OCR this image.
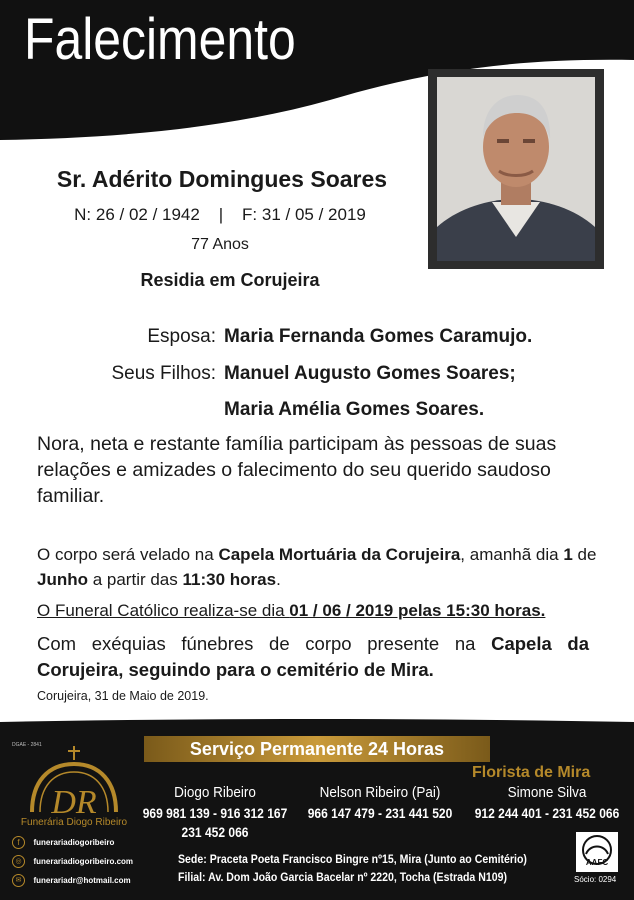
Falecimento
Sr. Adérito Domingues Soares
N: 26 / 02 / 1942    |    F: 31 / 05 / 2019
77 Anos
Residia em Corujeira
Esposa: Maria Fernanda Gomes Caramujo.
Seus Filhos: Manuel Augusto Gomes Soares;
Maria Amélia Gomes Soares.
Nora, neta e restante família participam às pessoas de suas relações e amizades o falecimento do seu querido saudoso familiar.
O corpo será velado na Capela Mortuária da Corujeira, amanhã dia 1 de Junho a partir das 11:30 horas.
O Funeral Católico realiza-se dia 01 / 06 / 2019 pelas 15:30 horas.
Com exéquias fúnebres de corpo presente na Capela da Corujeira, seguindo para o cemitério de Mira.
Corujeira, 31 de Maio de 2019.
Serviço Permanente 24 Horas
DGAE - 2841
DR
Funerária Diogo Ribeiro
f funerariadiogoribeiro
◎ funerariadiogoribeiro.com
✉ funerariadr@hotmail.com
Diogo Ribeiro
969 981 139 - 916 312 167
231 452 066
Nelson Ribeiro (Pai)
966 147 479 - 231 441 520
Florista de Mira
Simone Silva
912 244 401 - 231 452 066
Sede: Praceta Poeta Francisco Bingre nº15, Mira (Junto ao Cemitério)
Filial: Av. Dom João Garcia Bacelar nº 2220, Tocha (Estrada N109)
AAFC
Sócio: 0294
